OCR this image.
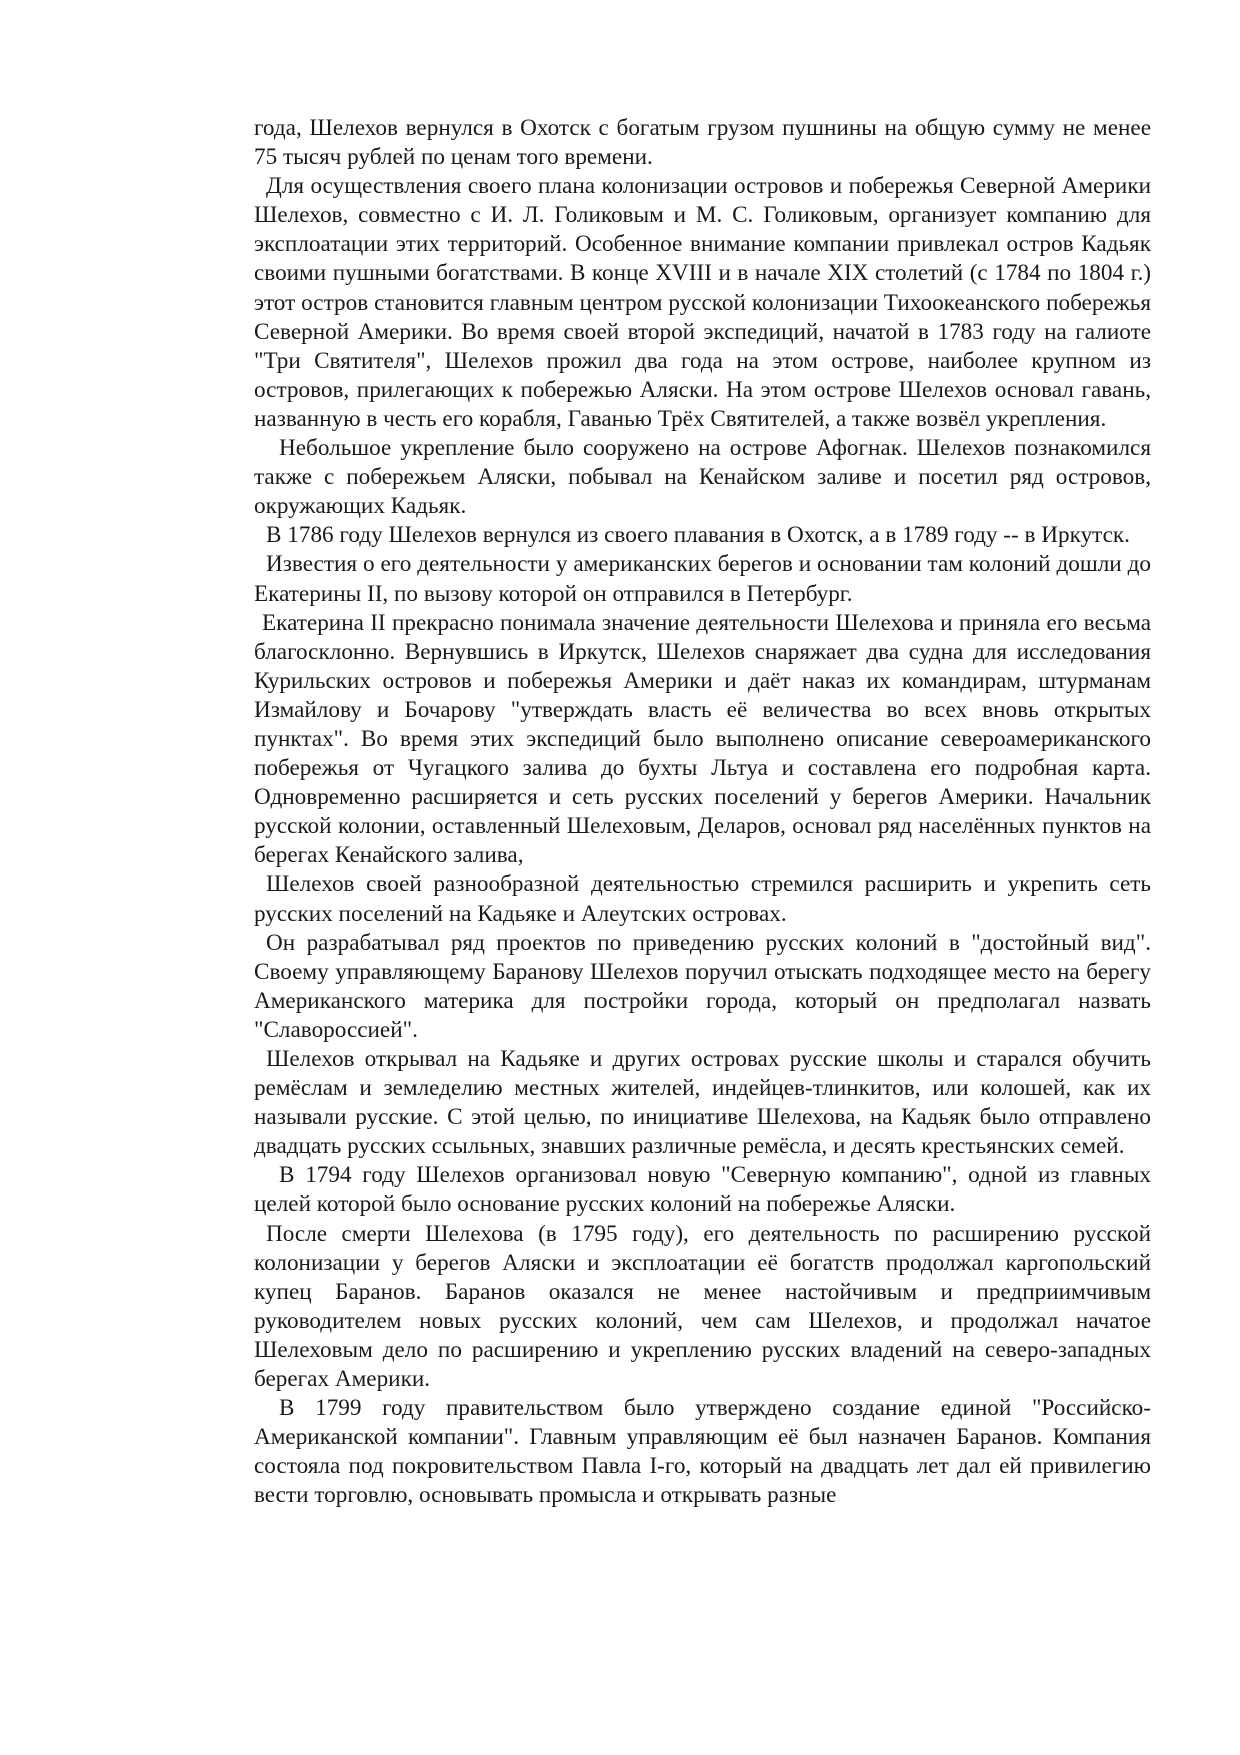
года, Шелехов вернулся в Охотск с богатым грузом пушнины на общую сумму не менее 75 тысяч рублей по ценам того времени.

Для осуществления своего плана колонизации островов и побережья Северной Америки Шелехов, совместно с И. Л. Голиковым и М. С. Голиковым, организует компанию для эксплоатации этих территорий. Особенное внимание компании привлекал остров Кадьяк своими пушными богатствами. В конце XVIII и в начале XIX столетий (с 1784 по 1804 г.) этот остров становится главным центром русской колонизации Тихоокеанского побережья Северной Америки. Во время своей второй экспедиций, начатой в 1783 году на галиоте "Три Святителя", Шелехов прожил два года на этом острове, наиболее крупном из островов, прилегающих к побережью Аляски. На этом острове Шелехов основал гавань, названную в честь его корабля, Гаванью Трёх Святителей, а также возвёл укрепления.

Небольшое укрепление было сооружено на острове Афогнак. Шелехов познакомился также с побережьем Аляски, побывал на Кенайском заливе и посетил ряд островов, окружающих Кадьяк.

В 1786 году Шелехов вернулся из своего плавания в Охотск, а в 1789 году -- в Иркутск.

Известия о его деятельности у американских берегов и основании там колоний дошли до Екатерины II, по вызову которой он отправился в Петербург.

Екатерина II прекрасно понимала значение деятельности Шелехова и приняла его весьма благосклонно. Вернувшись в Иркутск, Шелехов снаряжает два судна для исследования Курильских островов и побережья Америки и даёт наказ их командирам, штурманам Измайлову и Бочарову "утверждать власть её величества во всех вновь открытых пунктах". Во время этих экспедиций было выполнено описание североамериканского побережья от Чугацкого залива до бухты Льтуа и составлена его подробная карта. Одновременно расширяется и сеть русских поселений у берегов Америки. Начальник русской колонии, оставленный Шелеховым, Деларов, основал ряд населённых пунктов на берегах Кенайского залива,

Шелехов своей разнообразной деятельностью стремился расширить и укрепить сеть русских поселений на Кадьяке и Алеутских островах.

Он разрабатывал ряд проектов по приведению русских колоний в "достойный вид". Своему управляющему Баранову Шелехов поручил отыскать подходящее место на берегу Американского материка для постройки города, который он предполагал назвать "Славороссией".

Шелехов открывал на Кадьяке и других островах русские школы и старался обучить ремёслам и земледелию местных жителей, индейцев-тлинкитов, или колошей, как их называли русские. С этой целью, по инициативе Шелехова, на Кадьяк было отправлено двадцать русских ссыльных, знавших различные ремёсла, и десять крестьянских семей.

В 1794 году Шелехов организовал новую "Северную компанию", одной из главных целей которой было основание русских колоний на побережье Аляски.

После смерти Шелехова (в 1795 году), его деятельность по расширению русской колонизации у берегов Аляски и эксплоатации её богатств продолжал каргопольский купец Баранов. Баранов оказался не менее настойчивым и предприимчивым руководителем новых русских колоний, чем сам Шелехов, и продолжал начатое Шелеховым дело по расширению и укреплению русских владений на северо-западных берегах Америки.

В 1799 году правительством было утверждено создание единой "Российско-Американской компании". Главным управляющим её был назначен Баранов. Компания состояла под покровительством Павла I-го, который на двадцать лет дал ей привилегию вести торговлю, основывать промысла и открывать разные
